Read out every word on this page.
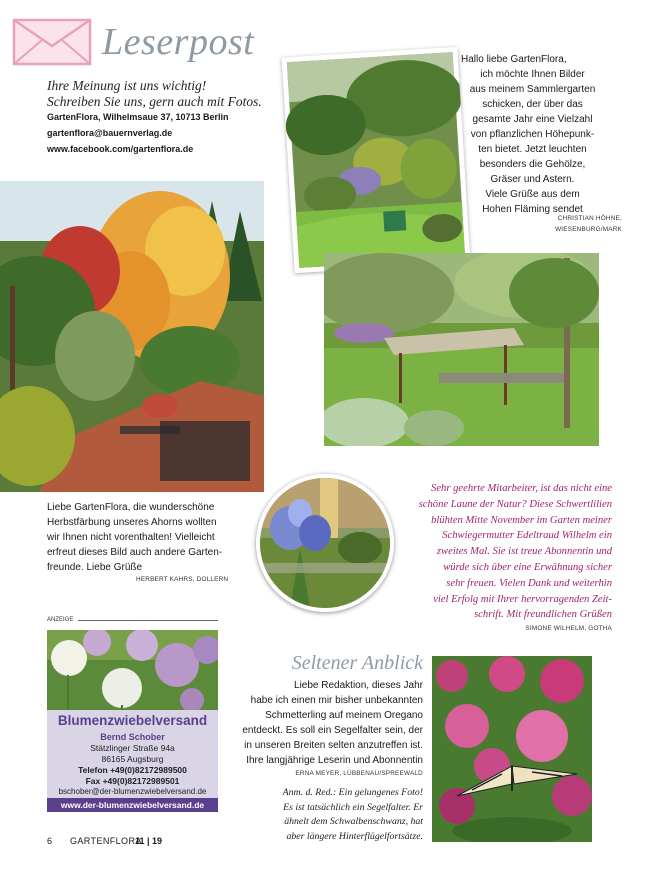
Leserpost
Ihre Meinung ist uns wichtig!
Schreiben Sie uns, gern auch mit Fotos.
GartenFlora, Wilhelmsaue 37, 10713 Berlin
gartenflora@bauernverlag.de
www.facebook.com/gartenflora.de
Hallo liebe GartenFlora,
ich möchte Ihnen Bilder
aus meinem Sammlergarten
schicken, der über das
gesamte Jahr eine Vielzahl
von pflanzlichen Höhepunk-
ten bietet. Jetzt leuchten
besonders die Gehölze,
Gräser und Astern.
Viele Grüße aus dem
Hohen Fläming sendet
CHRISTIAN HÖHNE,
WIESENBURG/MARK
Liebe GartenFlora, die wunderschöne
Herbstfärbung unseres Ahorns wollten
wir Ihnen nicht vorenthalten! Vielleicht
erfreut dieses Bild auch andere Garten-
freunde. Liebe Grüße
HERBERT KAHRS, DOLLERN
Sehr geehrte Mitarbeiter, ist das nicht eine
schöne Laune der Natur? Diese Schwertlilien
blühten Mitte November im Garten meiner
Schwiegermutter Edeltraud Wilhelm ein
zweites Mal. Sie ist treue Abonnentin und
würde sich über eine Erwähnung sicher
sehr freuen. Vielen Dank und weiterhin
viel Erfolg mit Ihrer hervorragenden Zeit-
schrift. Mit freundlichen Grüßen
SIMONE WILHELM, GOTHA
ANZEIGE
Blumenzwiebelversand
Bernd Schober
Stätzlinger Straße 94a
86165 Augsburg
Telefon +49(0)82172989500
Fax +49(0)82172989501
bschober@der-blumenzwiebelversand.de
www.der-blumenzwiebelversand.de
Seltener Anblick
Liebe Redaktion, dieses Jahr
habe ich einen mir bisher unbekannten
Schmetterling auf meinem Oregano
entdeckt. Es soll ein Segelfalter sein, der
in unseren Breiten selten anzutreffen ist.
Ihre langjährige Leserin und Abonnentin
ERNA MEYER, LÜBBENAU/SPREEWALD
Anm. d. Red.: Ein gelungenes Foto!
Es ist tatsächlich ein Segelfalter. Er
ähnelt dem Schwalbenschwanz, hat
aber längere Hinterflügelfortsätze.
6 GARTENFLORA
11 | 19
